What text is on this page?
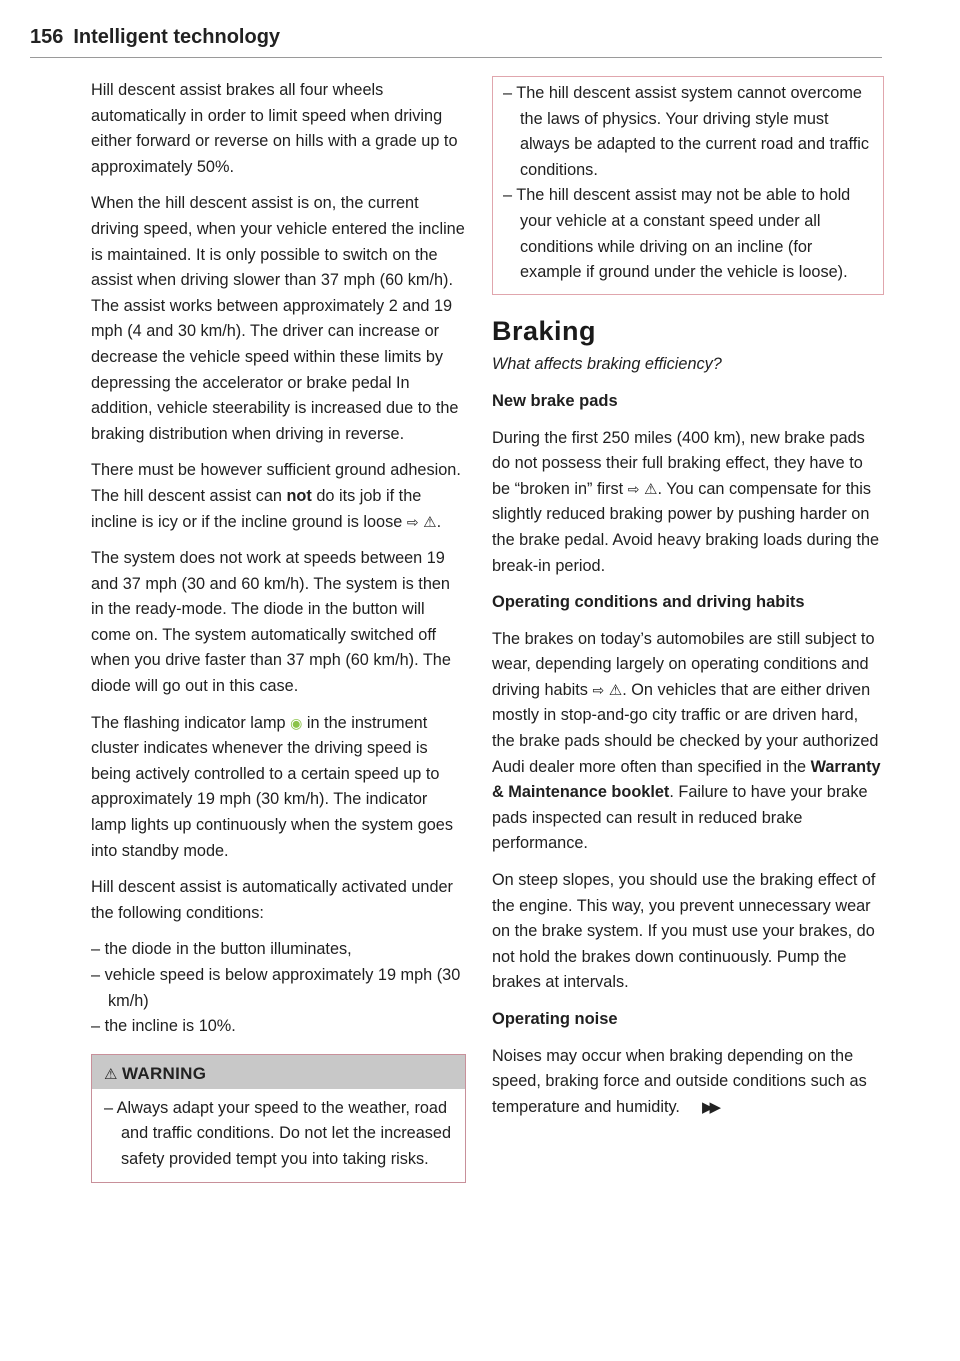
156 Intelligent technology

Hill descent assist brakes all four wheels automatically in order to limit speed when driving either forward or reverse on hills with a grade up to approximately 50%.

When the hill descent assist is on, the current driving speed, when your vehicle entered the incline is maintained. It is only possible to switch on the assist when driving slower than 37 mph (60 km/h). The assist works between approximately 2 and 19 mph (4 and 30 km/h). The driver can increase or decrease the vehicle speed within these limits by depressing the accelerator or brake pedal In addition, vehicle steerability is increased due to the braking distribution when driving in reverse.

There must be however sufficient ground adhesion. The hill descent assist can not do its job if the incline is icy or if the incline ground is loose ⇨ ⚠.

The system does not work at speeds between 19 and 37 mph (30 and 60 km/h). The system is then in the ready-mode. The diode in the button will come on. The system automatically switched off when you drive faster than 37 mph (60 km/h). The diode will go out in this case.

The flashing indicator lamp ◉ in the instrument cluster indicates whenever the driving speed is being actively controlled to a certain speed up to approximately 19 mph (30 km/h). The indicator lamp lights up continuously when the system goes into standby mode.

Hill descent assist is automatically activated under the following conditions:

– the diode in the button illuminates,

– vehicle speed is below approximately 19 mph (30 km/h)

– the incline is 10%.

⚠ WARNING

– Always adapt your speed to the weather, road and traffic conditions. Do not let the increased safety provided tempt you into taking risks.

– The hill descent assist system cannot overcome the laws of physics. Your driving style must always be adapted to the current road and traffic conditions.

– The hill descent assist may not be able to hold your vehicle at a constant speed under all conditions while driving on an incline (for example if ground under the vehicle is loose).

Braking

What affects braking efficiency?

New brake pads

During the first 250 miles (400 km), new brake pads do not possess their full braking effect, they have to be “broken in” first ⇨ ⚠. You can compensate for this slightly reduced braking power by pushing harder on the brake pedal. Avoid heavy braking loads during the break-in period.

Operating conditions and driving habits

The brakes on today’s automobiles are still subject to wear, depending largely on operating conditions and driving habits ⇨ ⚠. On vehicles that are either driven mostly in stop-and-go city traffic or are driven hard, the brake pads should be checked by your authorized Audi dealer more often than specified in the Warranty & Maintenance booklet. Failure to have your brake pads inspected can result in reduced brake performance.

On steep slopes, you should use the braking effect of the engine. This way, you prevent unnecessary wear on the brake system. If you must use your brakes, do not hold the brakes down continuously. Pump the brakes at intervals.

Operating noise

Noises may occur when braking depending on the speed, braking force and outside conditions such as temperature and humidity. ▶▶
